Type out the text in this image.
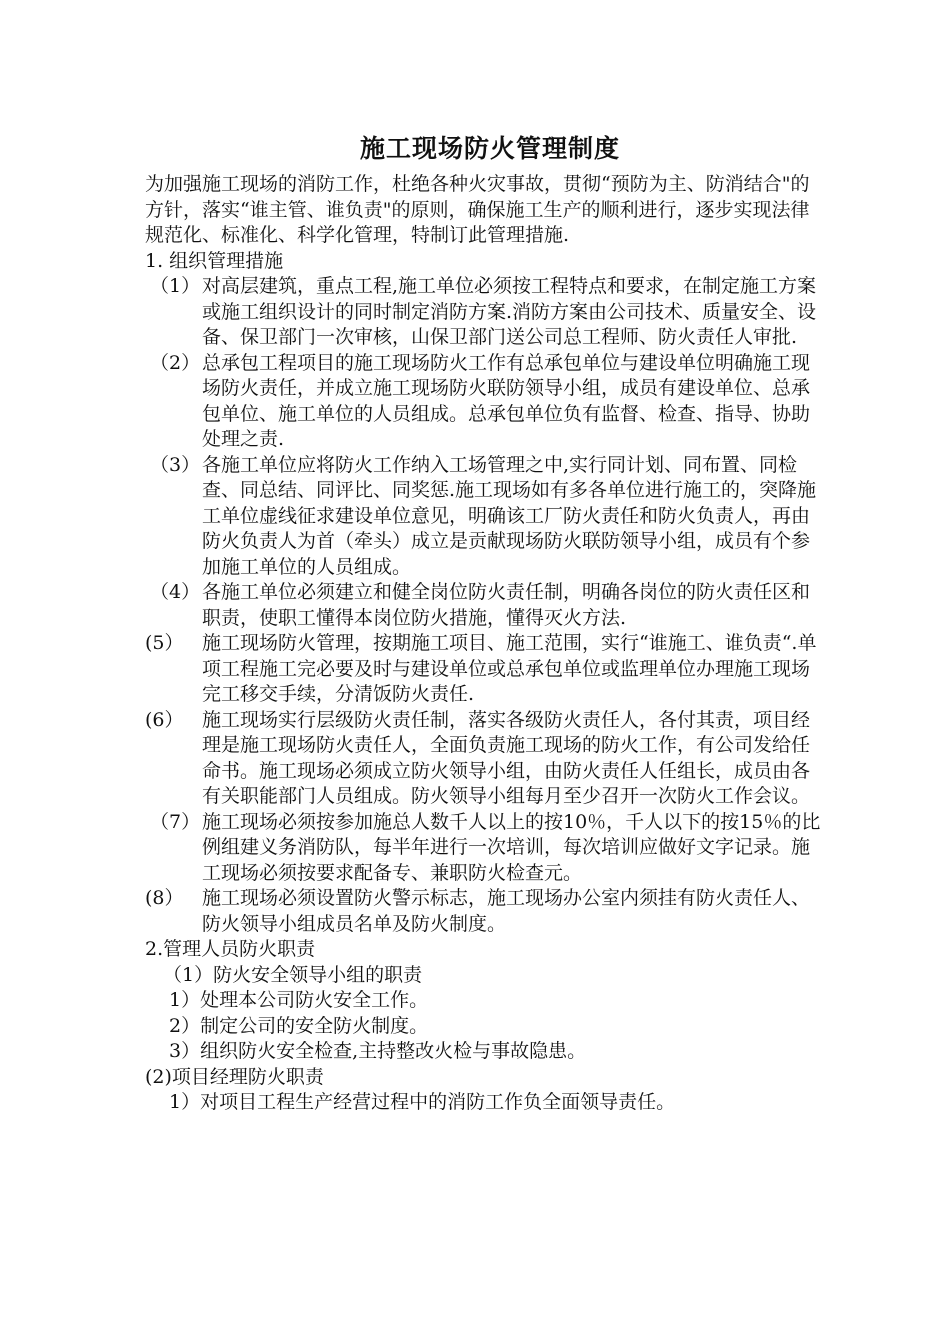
施工现场防火管理制度

为加强施工现场的消防工作，杜绝各种火灾事故，贯彻“预防为主、防消结合"的方针，落实“谁主管、谁负责"的原则，确保施工生产的顺利进行，逐步实现法律规范化、标准化、科学化管理，特制订此管理措施.

1. 组织管理措施

（1） 对高层建筑，重点工程,施工单位必须按工程特点和要求，在制定施工方案或施工组织设计的同时制定消防方案.消防方案由公司技术、质量安全、设备、保卫部门一次审核，山保卫部门送公司总工程师、防火责任人审批.
（2） 总承包工程项目的施工现场防火工作有总承包单位与建设单位明确施工现场防火责任，并成立施工现场防火联防领导小组，成员有建设单位、总承包单位、施工单位的人员组成。总承包单位负有监督、检查、指导、协助处理之责.
（3） 各施工单位应将防火工作纳入工场管理之中,实行同计划、同布置、同检查、同总结、同评比、同奖惩.施工现场如有多各单位进行施工的，突降施工单位虚线征求建设单位意见，明确该工厂防火责任和防火负责人，再由防火负责人为首（牵头）成立是贡献现场防火联防领导小组，成员有个参加施工单位的人员组成。
（4） 各施工单位必须建立和健全岗位防火责任制，明确各岗位的防火责任区和职责，使职工懂得本岗位防火措施，懂得灭火方法.
(5） 施工现场防火管理，按期施工项目、施工范围，实行“谁施工、谁负责“.单项工程施工完必要及时与建设单位或总承包单位或监理单位办理施工现场完工移交手续，分清饭防火责任.
(6） 施工现场实行层级防火责任制，落实各级防火责任人，各付其责，项目经理是施工现场防火责任人，全面负责施工现场的防火工作，有公司发给任命书。施工现场必须成立防火领导小组，由防火责任人任组长，成员由各有关职能部门人员组成。防火领导小组每月至少召开一次防火工作会议。
（7） 施工现场必须按参加施总人数千人以上的按10％，千人以下的按15％的比例组建义务消防队，每半年进行一次培训，每次培训应做好文字记录。施工现场必须按要求配备专、兼职防火检查元。
(8） 施工现场必须设置防火警示标志，施工现场办公室内须挂有防火责任人、防火领导小组成员名单及防火制度。

2.管理人员防火职责

（1）防火安全领导小组的职责

1）处理本公司防火安全工作。

2）制定公司的安全防火制度。

3）组织防火安全检查,主持整改火检与事故隐患。

(2)项目经理防火职责

1）对项目工程生产经营过程中的消防工作负全面领导责任。
